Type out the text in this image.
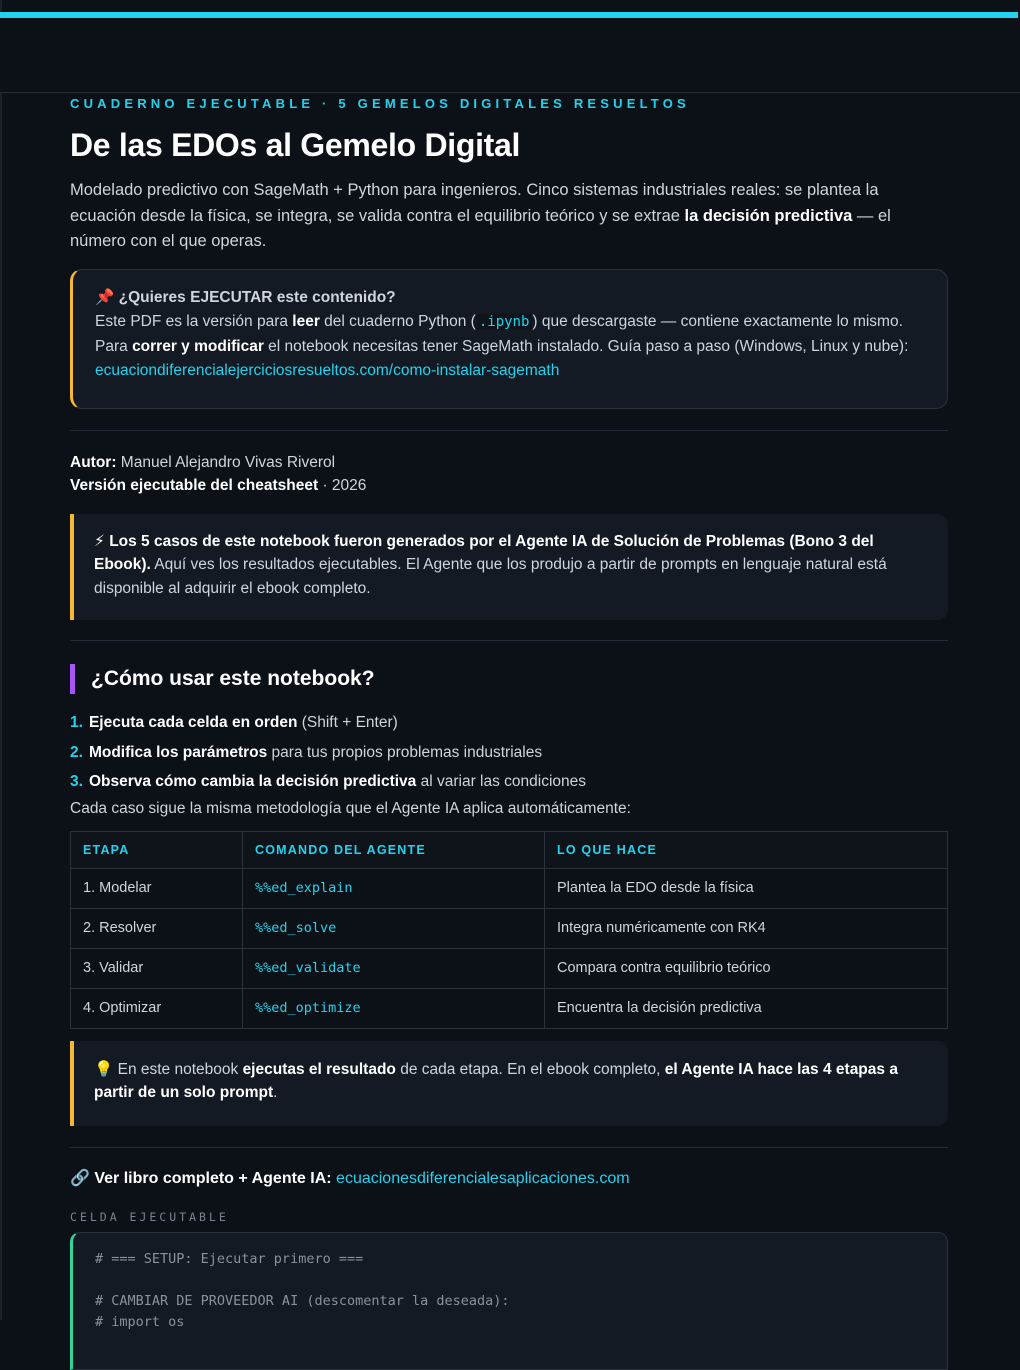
CUADERNO EJECUTABLE · 5 GEMELOS DIGITALES RESUELTOS

De las EDOs al Gemelo Digital

Modelado predictivo con SageMath + Python para ingenieros. Cinco sistemas industriales reales: se plantea la ecuación desde la física, se integra, se valida contra el equilibrio teórico y se extrae la decisión predictiva — el número con el que operas.

📌 ¿Quieres EJECUTAR este contenido?

Este PDF es la versión para leer del cuaderno Python ( .ipynb ) que descargaste — contiene exactamente lo mismo. Para correr y modificar el notebook necesitas tener SageMath instalado. Guía paso a paso (Windows, Linux y nube):
ecuaciondiferencialejerciciosresueltos.com/como-instalar-sagemath

Autor: Manuel Alejandro Vivas Riverol
Versión ejecutable del cheatsheet · 2026
⚡ Los 5 casos de este notebook fueron generados por el Agente IA de Solución de Problemas (Bono 3 del Ebook). Aquí ves los resultados ejecutables. El Agente que los produjo a partir de prompts en lenguaje natural está disponible al adquirir el ebook completo.
¿Cómo usar este notebook?
1. Ejecuta cada celda en orden (Shift + Enter)
2. Modifica los parámetros para tus propios problemas industriales
3. Observa cómo cambia la decisión predictiva al variar las condiciones

Cada caso sigue la misma metodología que el Agente IA aplica automáticamente:

ETAPA	COMANDO DEL AGENTE	LO QUE HACE
1. Modelar	%%ed_explain	Plantea la EDO desde la física
2. Resolver	%%ed_solve	Integra numéricamente con RK4
3. Validar	%%ed_validate	Compara contra equilibrio teórico
4. Optimizar	%%ed_optimize	Encuentra la decisión predictiva
💡 En este notebook ejecutas el resultado de cada etapa. En el ebook completo, el Agente IA hace las 4 etapas a partir de un solo prompt.
🔗 Ver libro completo + Agente IA: ecuacionesdiferencialesaplicaciones.com
CELDA EJECUTABLE
# === SETUP: Ejecutar primero ===

# CAMBIAR DE PROVEEDOR AI (descomentar la deseada):
# import os
